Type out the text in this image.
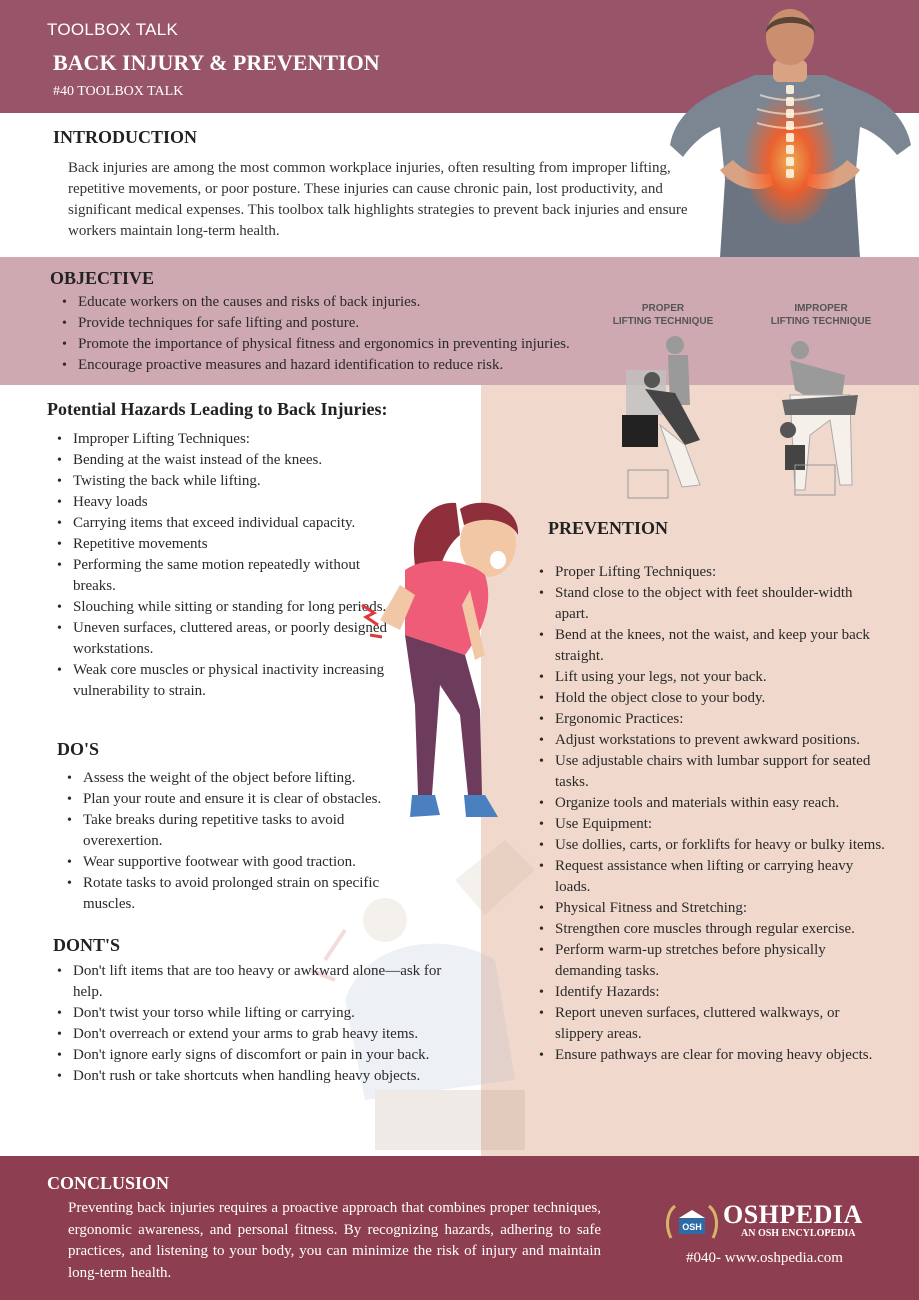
TOOLBOX TALK
BACK INJURY & PREVENTION
#40 TOOLBOX TALK
INTRODUCTION
Back injuries are among the most common workplace injuries, often resulting from improper lifting, repetitive movements, or poor posture. These injuries can cause chronic pain, lost productivity, and significant medical expenses. This toolbox talk highlights strategies to prevent back injuries and ensure workers maintain long-term health.
OBJECTIVE
• Educate workers on the causes and risks of back injuries.
• Provide techniques for safe lifting and posture.
• Promote the importance of physical fitness and ergonomics in preventing injuries.
• Encourage proactive measures and hazard identification to reduce risk.
PROPER
LIFTING TECHNIQUE
IMPROPER
LIFTING TECHNIQUE
Potential Hazards Leading to Back Injuries:
• Improper Lifting Techniques:
• Bending at the waist instead of the knees.
• Twisting the back while lifting.
• Heavy loads
• Carrying items that exceed individual capacity.
• Repetitive movements
• Performing the same motion repeatedly without breaks.
• Slouching while sitting or standing for long periods.
• Uneven surfaces, cluttered areas, or poorly designed workstations.
• Weak core muscles or physical inactivity increasing vulnerability to strain.
DO'S
• Assess the weight of the object before lifting.
• Plan your route and ensure it is clear of obstacles.
• Take breaks during repetitive tasks to avoid overexertion.
• Wear supportive footwear with good traction.
• Rotate tasks to avoid prolonged strain on specific muscles.
DONT'S
• Don't lift items that are too heavy or awkward alone—ask for help.
• Don't twist your torso while lifting or carrying.
• Don't overreach or extend your arms to grab heavy items.
• Don't ignore early signs of discomfort or pain in your back.
• Don't rush or take shortcuts when handling heavy objects.
PREVENTION
• Proper Lifting Techniques:
• Stand close to the object with feet shoulder-width apart.
• Bend at the knees, not the waist, and keep your back straight.
• Lift using your legs, not your back.
• Hold the object close to your body.
• Ergonomic Practices:
• Adjust workstations to prevent awkward positions.
• Use adjustable chairs with lumbar support for seated tasks.
• Organize tools and materials within easy reach.
• Use Equipment:
• Use dollies, carts, or forklifts for heavy or bulky items.
• Request assistance when lifting or carrying heavy loads.
• Physical Fitness and Stretching:
• Strengthen core muscles through regular exercise.
• Perform warm-up stretches before physically demanding tasks.
• Identify Hazards:
• Report uneven surfaces, cluttered walkways, or slippery areas.
• Ensure pathways are clear for moving heavy objects.
CONCLUSION
Preventing back injuries requires a proactive approach that combines proper techniques, ergonomic awareness, and personal fitness. By recognizing hazards, adhering to safe practices, and listening to your body, you can minimize the risk of injury and maintain long-term health.
OSH OSHPEDIA
AN OSH ENCYLOPEDIA
#040- www.oshpedia.com
